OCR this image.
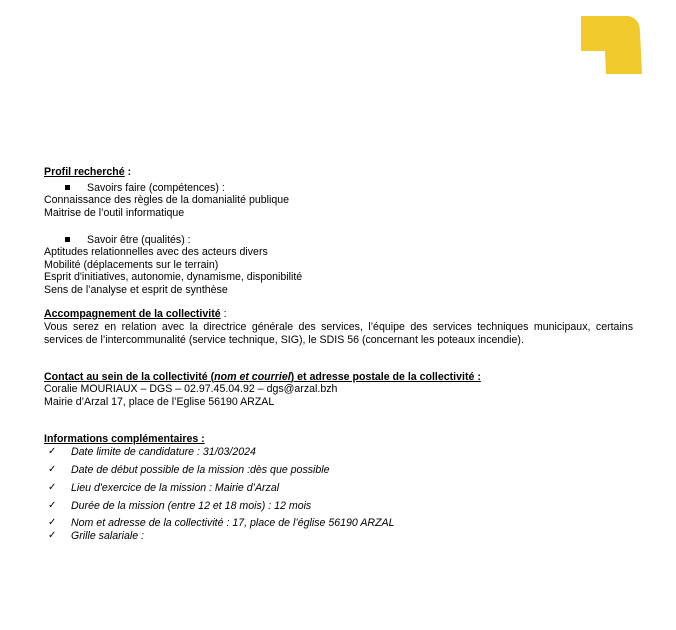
Profil recherché :
Savoirs faire (compétences) :
Connaissance des règles de la domanialité publique
Maitrise de l’outil informatique
Savoir être (qualités) :
Aptitudes relationnelles avec des acteurs divers
Mobilité (déplacements sur le terrain)
Esprit d'initiatives, autonomie, dynamisme, disponibilité
Sens de l’analyse et esprit de synthèse
Accompagnement de la collectivité :
Vous serez en relation avec la directrice générale des services, l’équipe des services techniques municipaux, certains services de l’intercommunalité (service technique, SIG), le SDIS 56 (concernant les poteaux incendie).
Contact au sein de la collectivité (nom et courriel) et adresse postale de la collectivité :
Coralie MOURIAUX – DGS – 02.97.45.04.92 – dgs@arzal.bzh
Mairie d’Arzal 17, place de l’Eglise 56190 ARZAL
Informations complémentaires :
✓ Date limite de candidature : 31/03/2024
✓ Date de début possible de la mission :dès que possible
✓ Lieu d'exercice de la mission : Mairie d’Arzal
✓ Durée de la mission (entre 12 et 18 mois) : 12 mois
✓ Nom et adresse de la collectivité : 17, place de l’église 56190 ARZAL
✓ Grille salariale :
